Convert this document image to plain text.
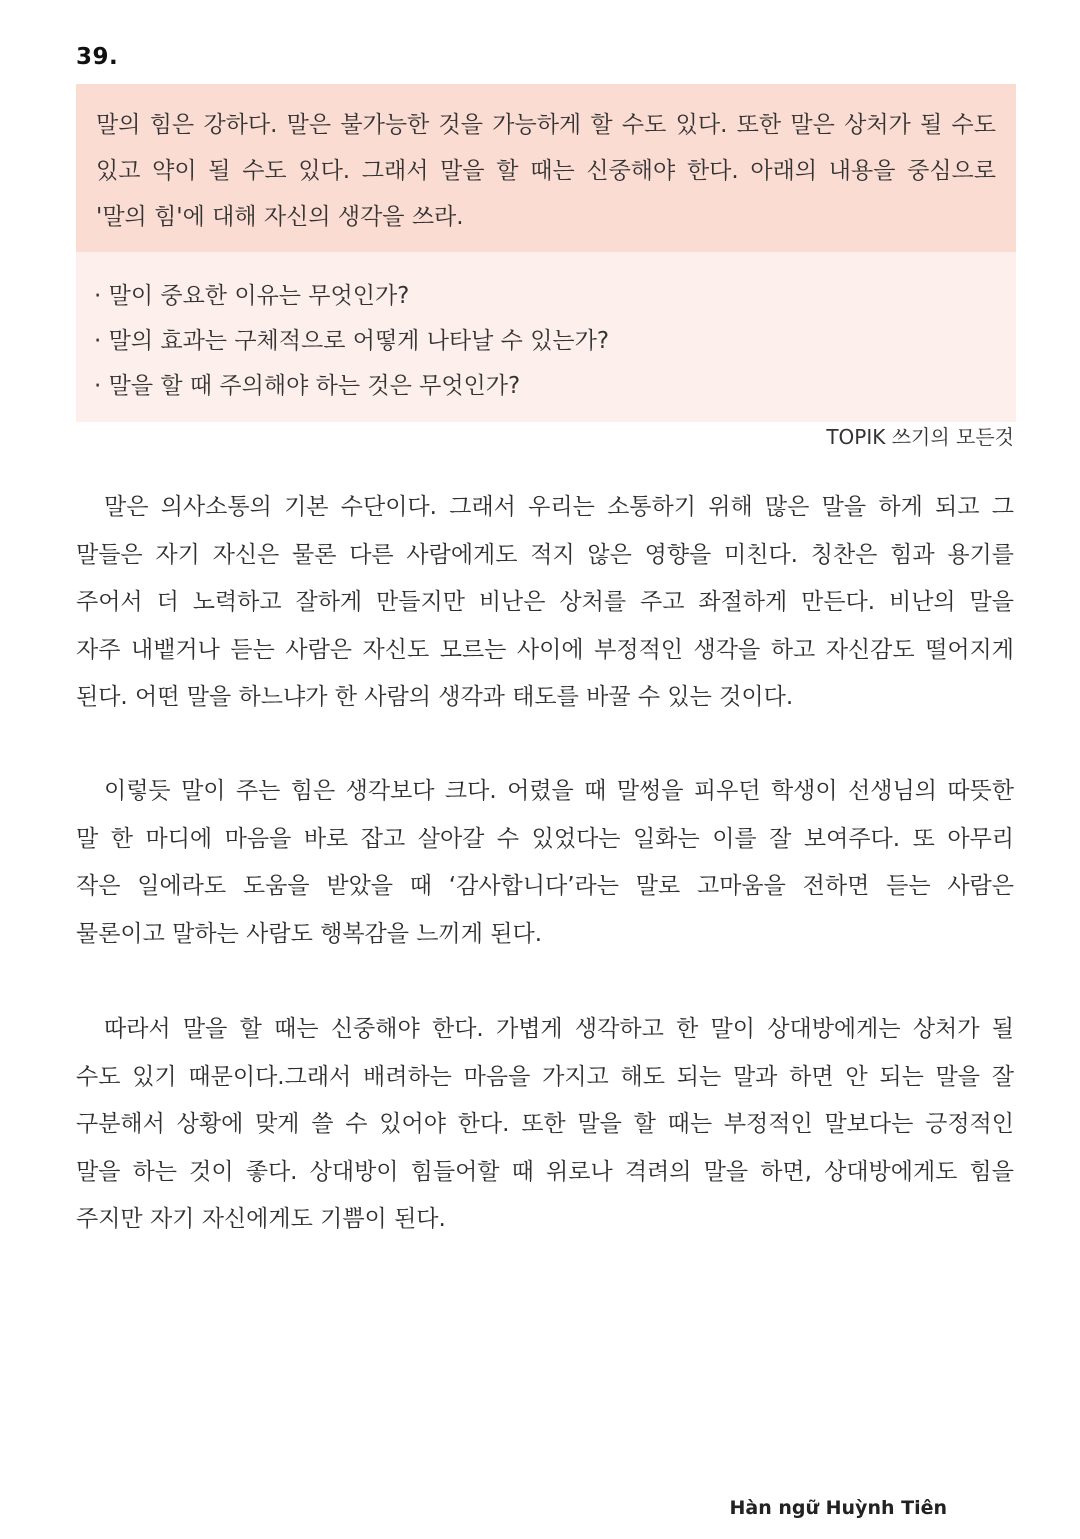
39.
말의 힘은 강하다. 말은 불가능한 것을 가능하게 할 수도 있다. 또한 말은 상처가 될 수도
있고 약이 될 수도 있다. 그래서 말을 할 때는 신중해야 한다. 아래의 내용을 중심으로
'말의 힘'에 대해 자신의 생각을 쓰라.
· 말이 중요한 이유는 무엇인가?
· 말의 효과는 구체적으로 어떻게 나타날 수 있는가?
· 말을 할 때 주의해야 하는 것은 무엇인가?
TOPIK 쓰기의 모든것
말은 의사소통의 기본 수단이다. 그래서 우리는 소통하기 위해 많은 말을 하게 되고 그
말들은 자기 자신은 물론 다른 사람에게도 적지 않은 영향을 미친다. 칭찬은 힘과 용기를
주어서 더 노력하고 잘하게 만들지만 비난은 상처를 주고 좌절하게 만든다. 비난의 말을
자주 내뱉거나 듣는 사람은 자신도 모르는 사이에 부정적인 생각을 하고 자신감도 떨어지게
된다. 어떤 말을 하느냐가 한 사람의 생각과 태도를 바꿀 수 있는 것이다.
이렇듯 말이 주는 힘은 생각보다 크다. 어렸을 때 말썽을 피우던 학생이 선생님의 따뜻한
말 한 마디에 마음을 바로 잡고 살아갈 수 있었다는 일화는 이를 잘 보여주다. 또 아무리
작은 일에라도 도움을 받았을 때 ‘감사합니다’라는 말로 고마움을 전하면 듣는 사람은
물론이고 말하는 사람도 행복감을 느끼게 된다.
따라서 말을 할 때는 신중해야 한다. 가볍게 생각하고 한 말이 상대방에게는 상처가 될
수도 있기 때문이다.그래서 배려하는 마음을 가지고 해도 되는 말과 하면 안 되는 말을 잘
구분해서 상황에 맞게 쓸 수 있어야 한다. 또한 말을 할 때는 부정적인 말보다는 긍정적인
말을 하는 것이 좋다. 상대방이 힘들어할 때 위로나 격려의 말을 하면, 상대방에게도 힘을
주지만 자기 자신에게도 기쁨이 된다.
Hàn ngữ Huỳnh Tiên
